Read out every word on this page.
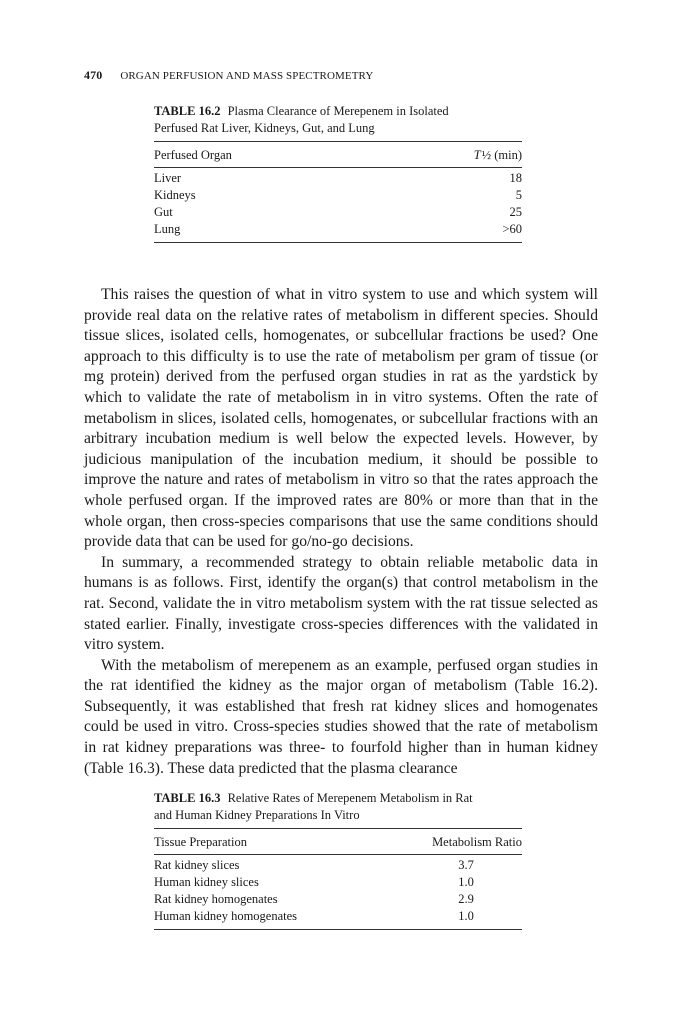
470 ORGAN PERFUSION AND MASS SPECTROMETRY
TABLE 16.2 Plasma Clearance of Merepenem in Isolated
Perfused Rat Liver, Kidneys, Gut, and Lung
Perfused Organ	T ½ (min)
Liver	18
Kidneys	5
Gut	25
Lung	>60

This raises the question of what in vitro system to use and which system will provide real data on the relative rates of metabolism in different species. Should tissue slices, isolated cells, homogenates, or subcellular fractions be used? One approach to this difficulty is to use the rate of metabolism per gram of tissue (or mg protein) derived from the perfused organ studies in rat as the yardstick by which to validate the rate of metabolism in in vitro systems. Often the rate of metabolism in slices, isolated cells, homogenates, or subcellular fractions with an arbitrary incubation medium is well below the expected levels. However, by judicious manipulation of the incubation medium, it should be possible to improve the nature and rates of metabolism in vitro so that the rates approach the whole perfused organ. If the improved rates are 80% or more than that in the whole organ, then cross-species comparisons that use the same conditions should provide data that can be used for go/no-go decisions.

In summary, a recommended strategy to obtain reliable metabolic data in humans is as follows. First, identify the organ(s) that control metabolism in the rat. Second, validate the in vitro metabolism system with the rat tissue selected as stated earlier. Finally, investigate cross-species differences with the validated in vitro system.

With the metabolism of merepenem as an example, perfused organ studies in the rat identified the kidney as the major organ of metabolism (Table 16.2). Subsequently, it was established that fresh rat kidney slices and homogenates could be used in vitro. Cross-species studies showed that the rate of metabolism in rat kidney preparations was three- to fourfold higher than in human kidney (Table 16.3). These data predicted that the plasma clearance

TABLE 16.3 Relative Rates of Merepenem Metabolism in Rat
and Human Kidney Preparations In Vitro
Tissue Preparation	Metabolism Ratio
Rat kidney slices	3.7
Human kidney slices	1.0
Rat kidney homogenates	2.9
Human kidney homogenates	1.0
